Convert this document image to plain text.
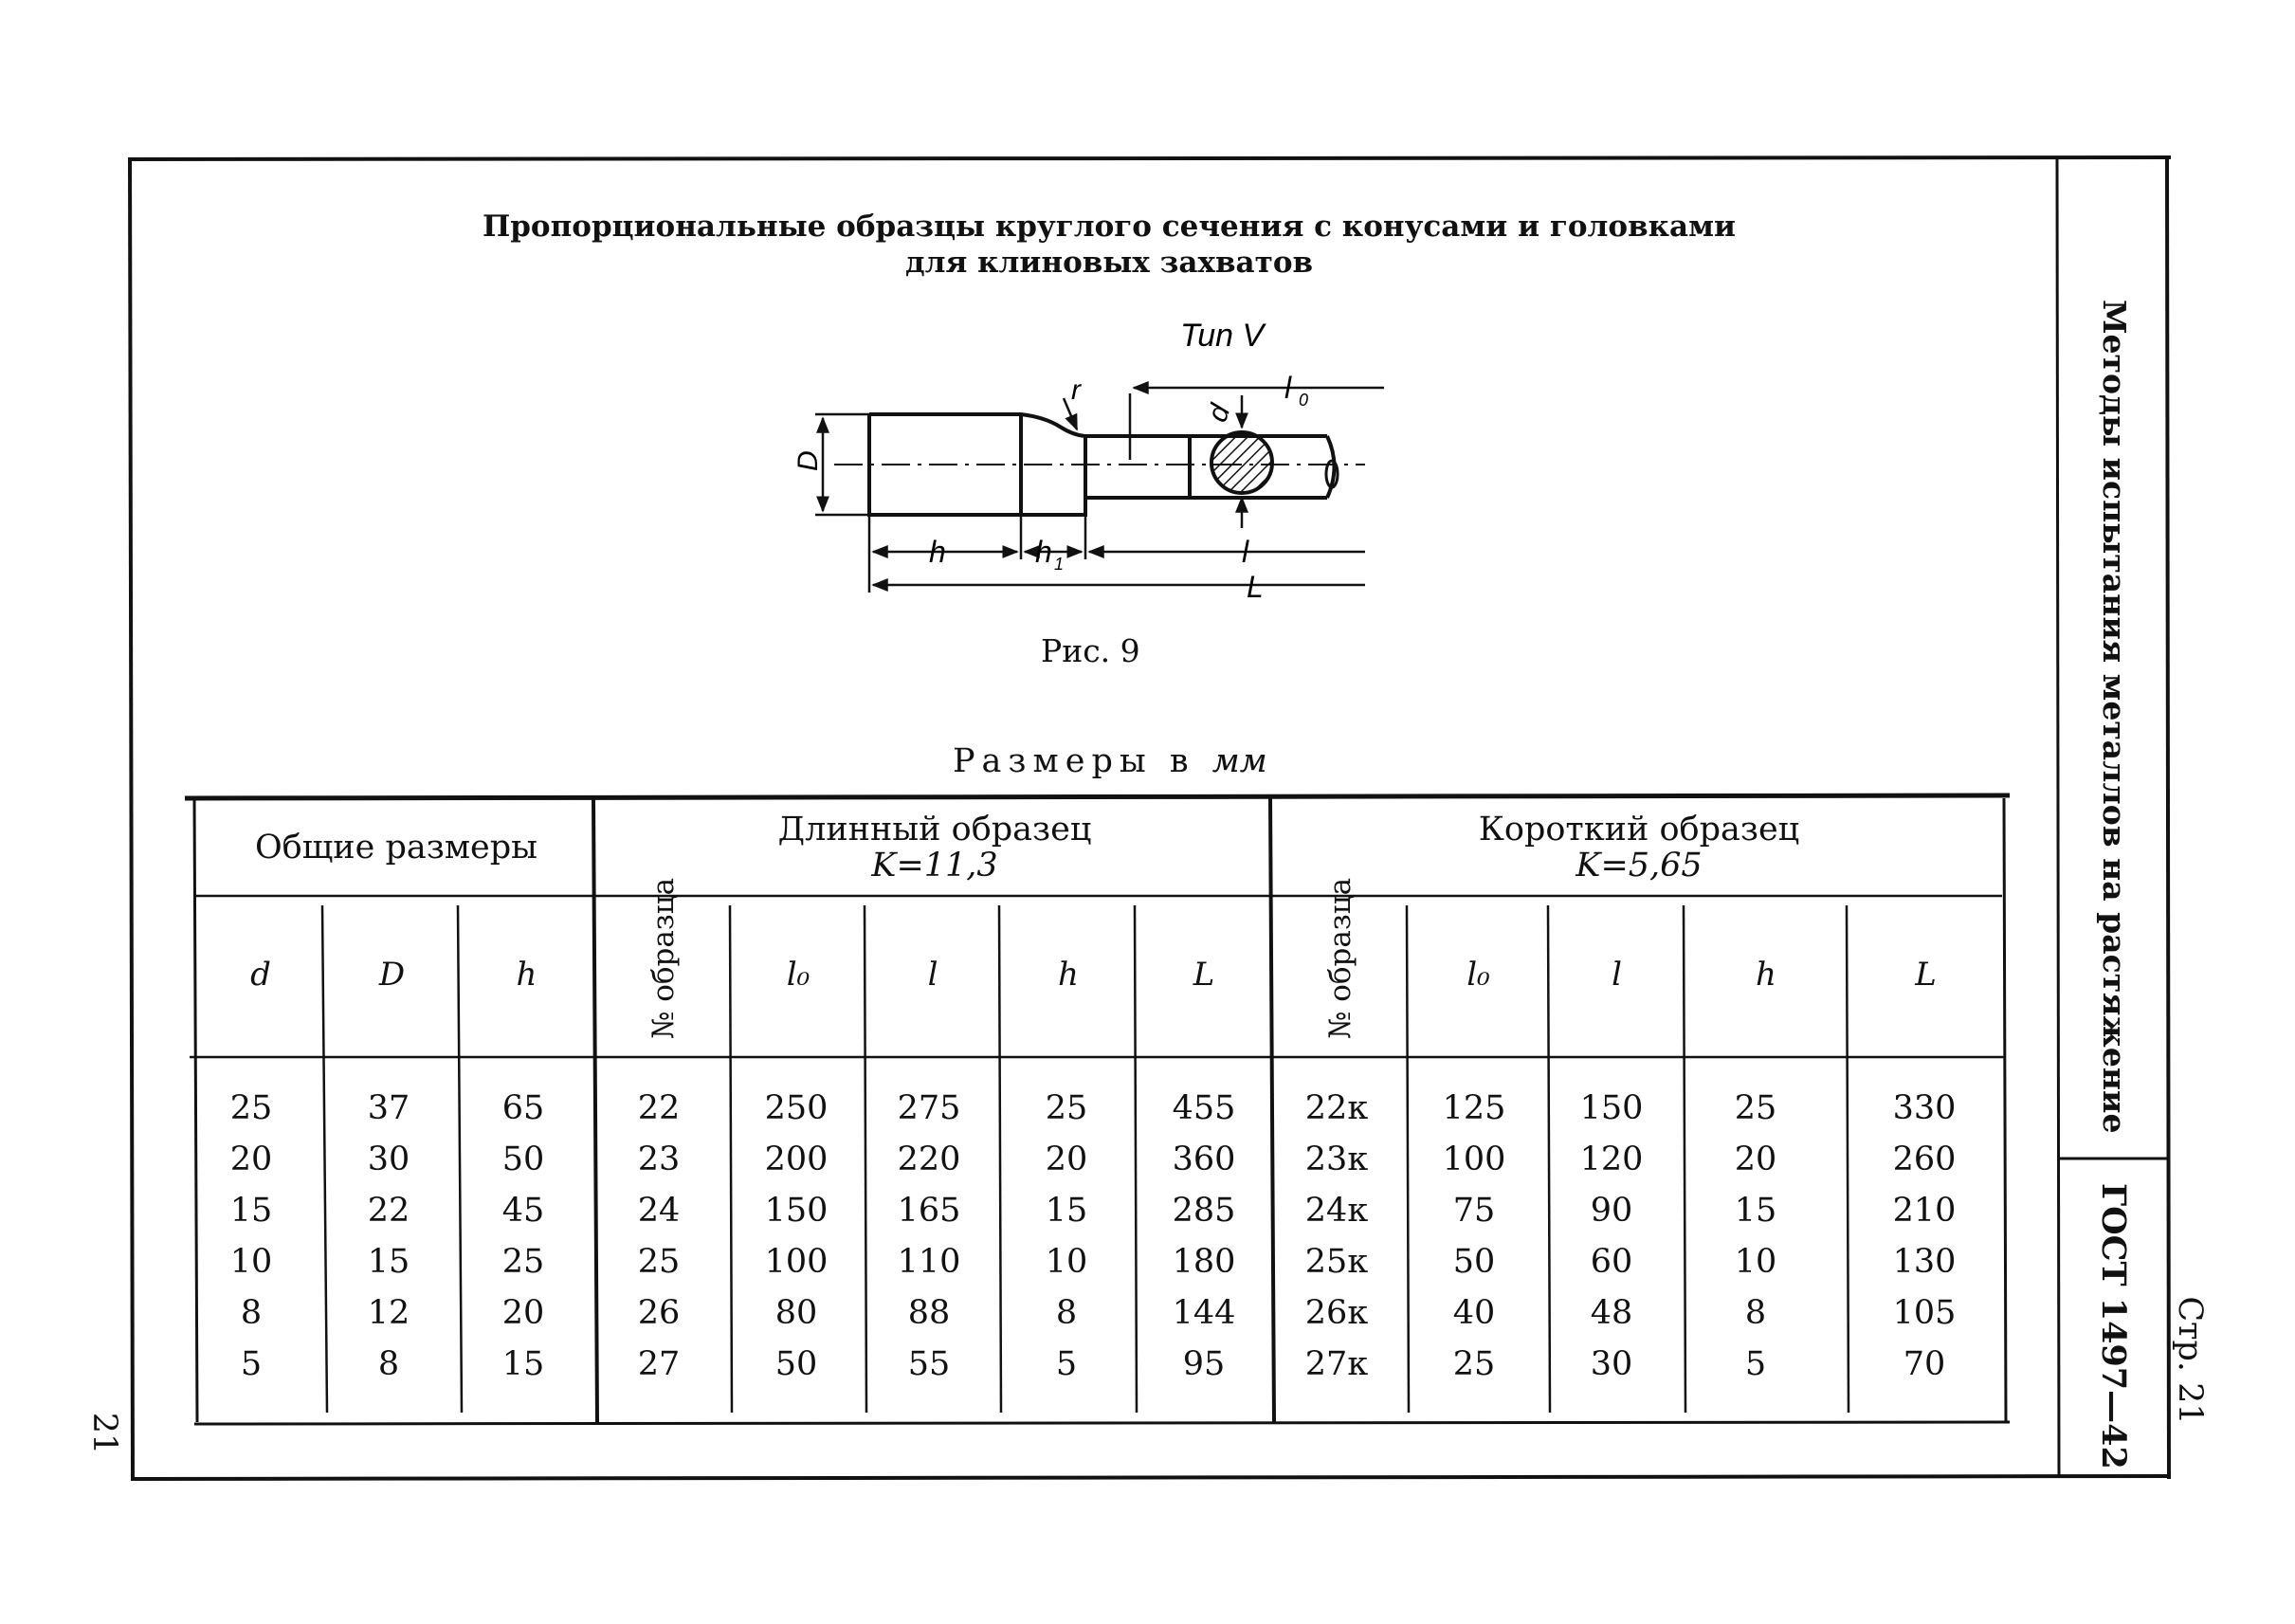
Пропорциональные образцы круглого сечения с конусами и головками
для клиновых захватов
Tun V
D
h	h 1
r
d
l 0
l
L
Рис. 9
Размеры в мм
Общие размеры	Длинный образец
K=11,3
Короткий образец
K=5,65
d	D	h	№ образца	l₀	l	h	L	№ образца	l₀	l	h	L
25	37	65	22	250	275	25	455	22к	125	150	25	330
20	30	50	23	200	220	20	360	23к	100	120	20	260
15	22	45	24	150	165	15	285	24к	75	90	15	210
10	15	25	25	100	110	10	180	25к	50	60	10	130
8	12	20	26	80	88	8	144	26к	40	48	8	105
5	8	15	27	50	55	5	95	27к	25	30	5	70
Методы испытания металлов на растяжение
ГОСТ 1497—42 Стр. 21
21
